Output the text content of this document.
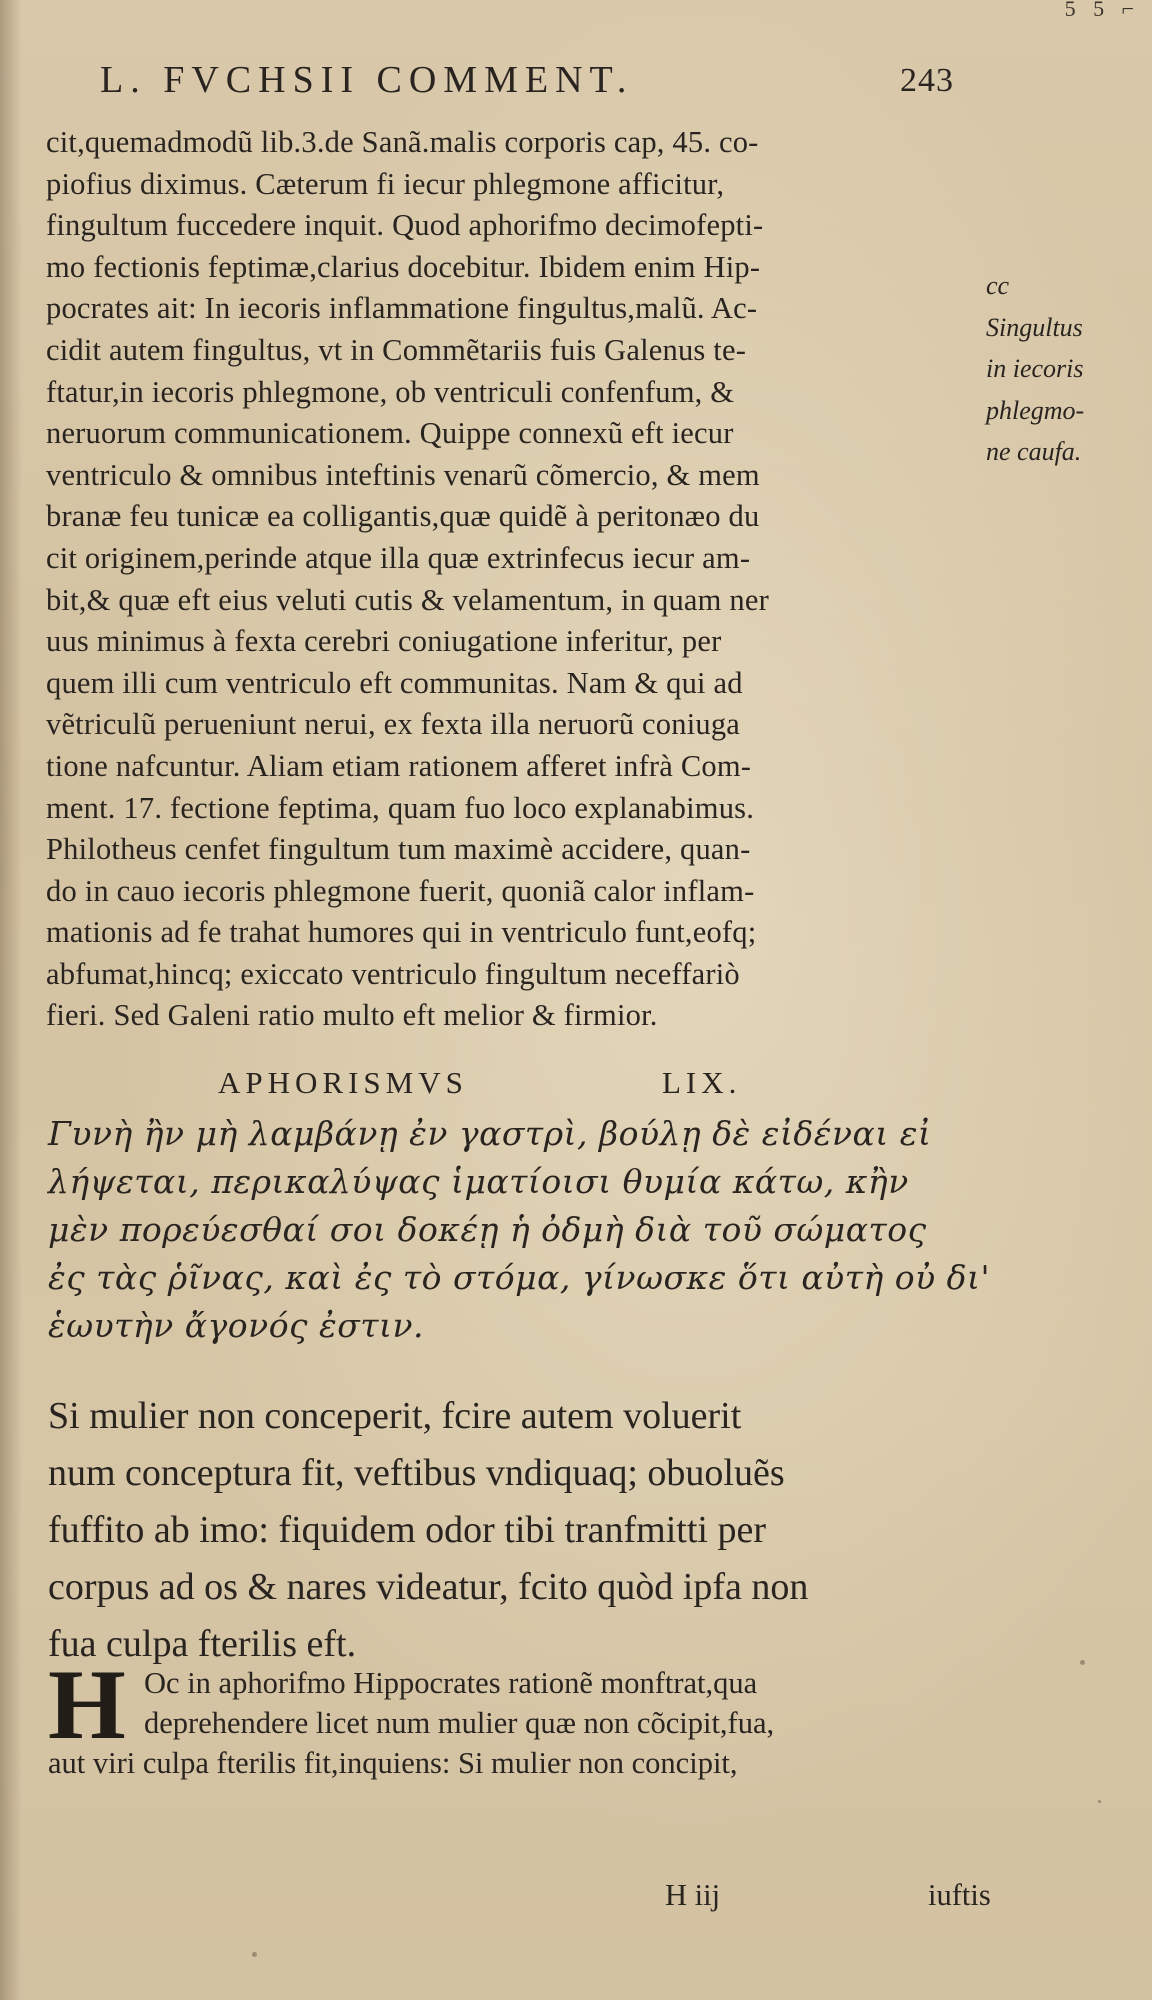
5 5 ⌐
L. FVCHSII COMMENT.	243
cit,quemadmodũ lib.3.de Sanã.malis corporis cap, 45. co-
piofius diximus. Cæterum fi iecur phlegmone afficitur,
fingultum fuccedere inquit. Quod aphorifmo decimofepti-
mo fectionis feptimæ,clarius docebitur. Ibidem enim Hip-
pocrates ait: In iecoris inflammatione fingultus,malũ. Ac-
cidit autem fingultus, vt in Commẽtariis fuis Galenus te-
ftatur,in iecoris phlegmone, ob ventriculi confenfum, &
neruorum communicationem. Quippe connexũ eft iecur
ventriculo & omnibus inteftinis venarũ cõmercio, & mem
branæ feu tunicæ ea colligantis,quæ quidẽ à peritonæo du
cit originem,perinde atque illa quæ extrinfecus iecur am-
bit,& quæ eft eius veluti cutis & velamentum, in quam ner
uus minimus à fexta cerebri coniugatione inferitur, per
quem illi cum ventriculo eft communitas. Nam & qui ad
vẽtriculũ perueniunt nerui, ex fexta illa neruorũ coniuga
tione nafcuntur. Aliam etiam rationem afferet infrà Com-
ment. 17. fectione feptima, quam fuo loco explanabimus.
Philotheus cenfet fingultum tum maximè accidere, quan-
do in cauo iecoris phlegmone fuerit, quoniã calor inflam-
mationis ad fe trahat humores qui in ventriculo funt,eofq;
abfumat,hincq; exiccato ventriculo fingultum neceffariò
fieri. Sed Galeni ratio multo eft melior & firmior.
cc
Singultus
in iecoris
phlegmo-
ne caufa.
APHORISMVS	LIX.
Γυνὴ ἢν μὴ λαμβάνῃ ἐν γαστρὶ, βούλῃ δὲ εἰδέναι εἰ
λήψεται, περικαλύψας ἱματίοισι θυμία κάτω, κἢν
μὲν πορεύεσθαί σοι δοκέῃ ἡ ὀδμὴ διὰ τοῦ σώματος
ἐς τὰς ῥῖνας, καὶ ἐς τὸ στόμα, γίνωσκε ὅτι αὐτὴ οὐ δι'
ἑωυτὴν ἄγονός ἐστιν.
Si mulier non conceperit, fcire autem voluerit
num conceptura fit, veftibus vndiquaq; obuoluẽs
fuffito ab imo: fiquidem odor tibi tranfmitti per
corpus ad os & nares videatur, fcito quòd ipfa non
fua culpa fterilis eft.
H Oc in aphorifmo Hippocrates rationẽ monftrat,qua
deprehendere licet num mulier quæ non cõcipit,fua,
aut viri culpa fterilis fit,inquiens: Si mulier non concipit,
H iij	iuftis
